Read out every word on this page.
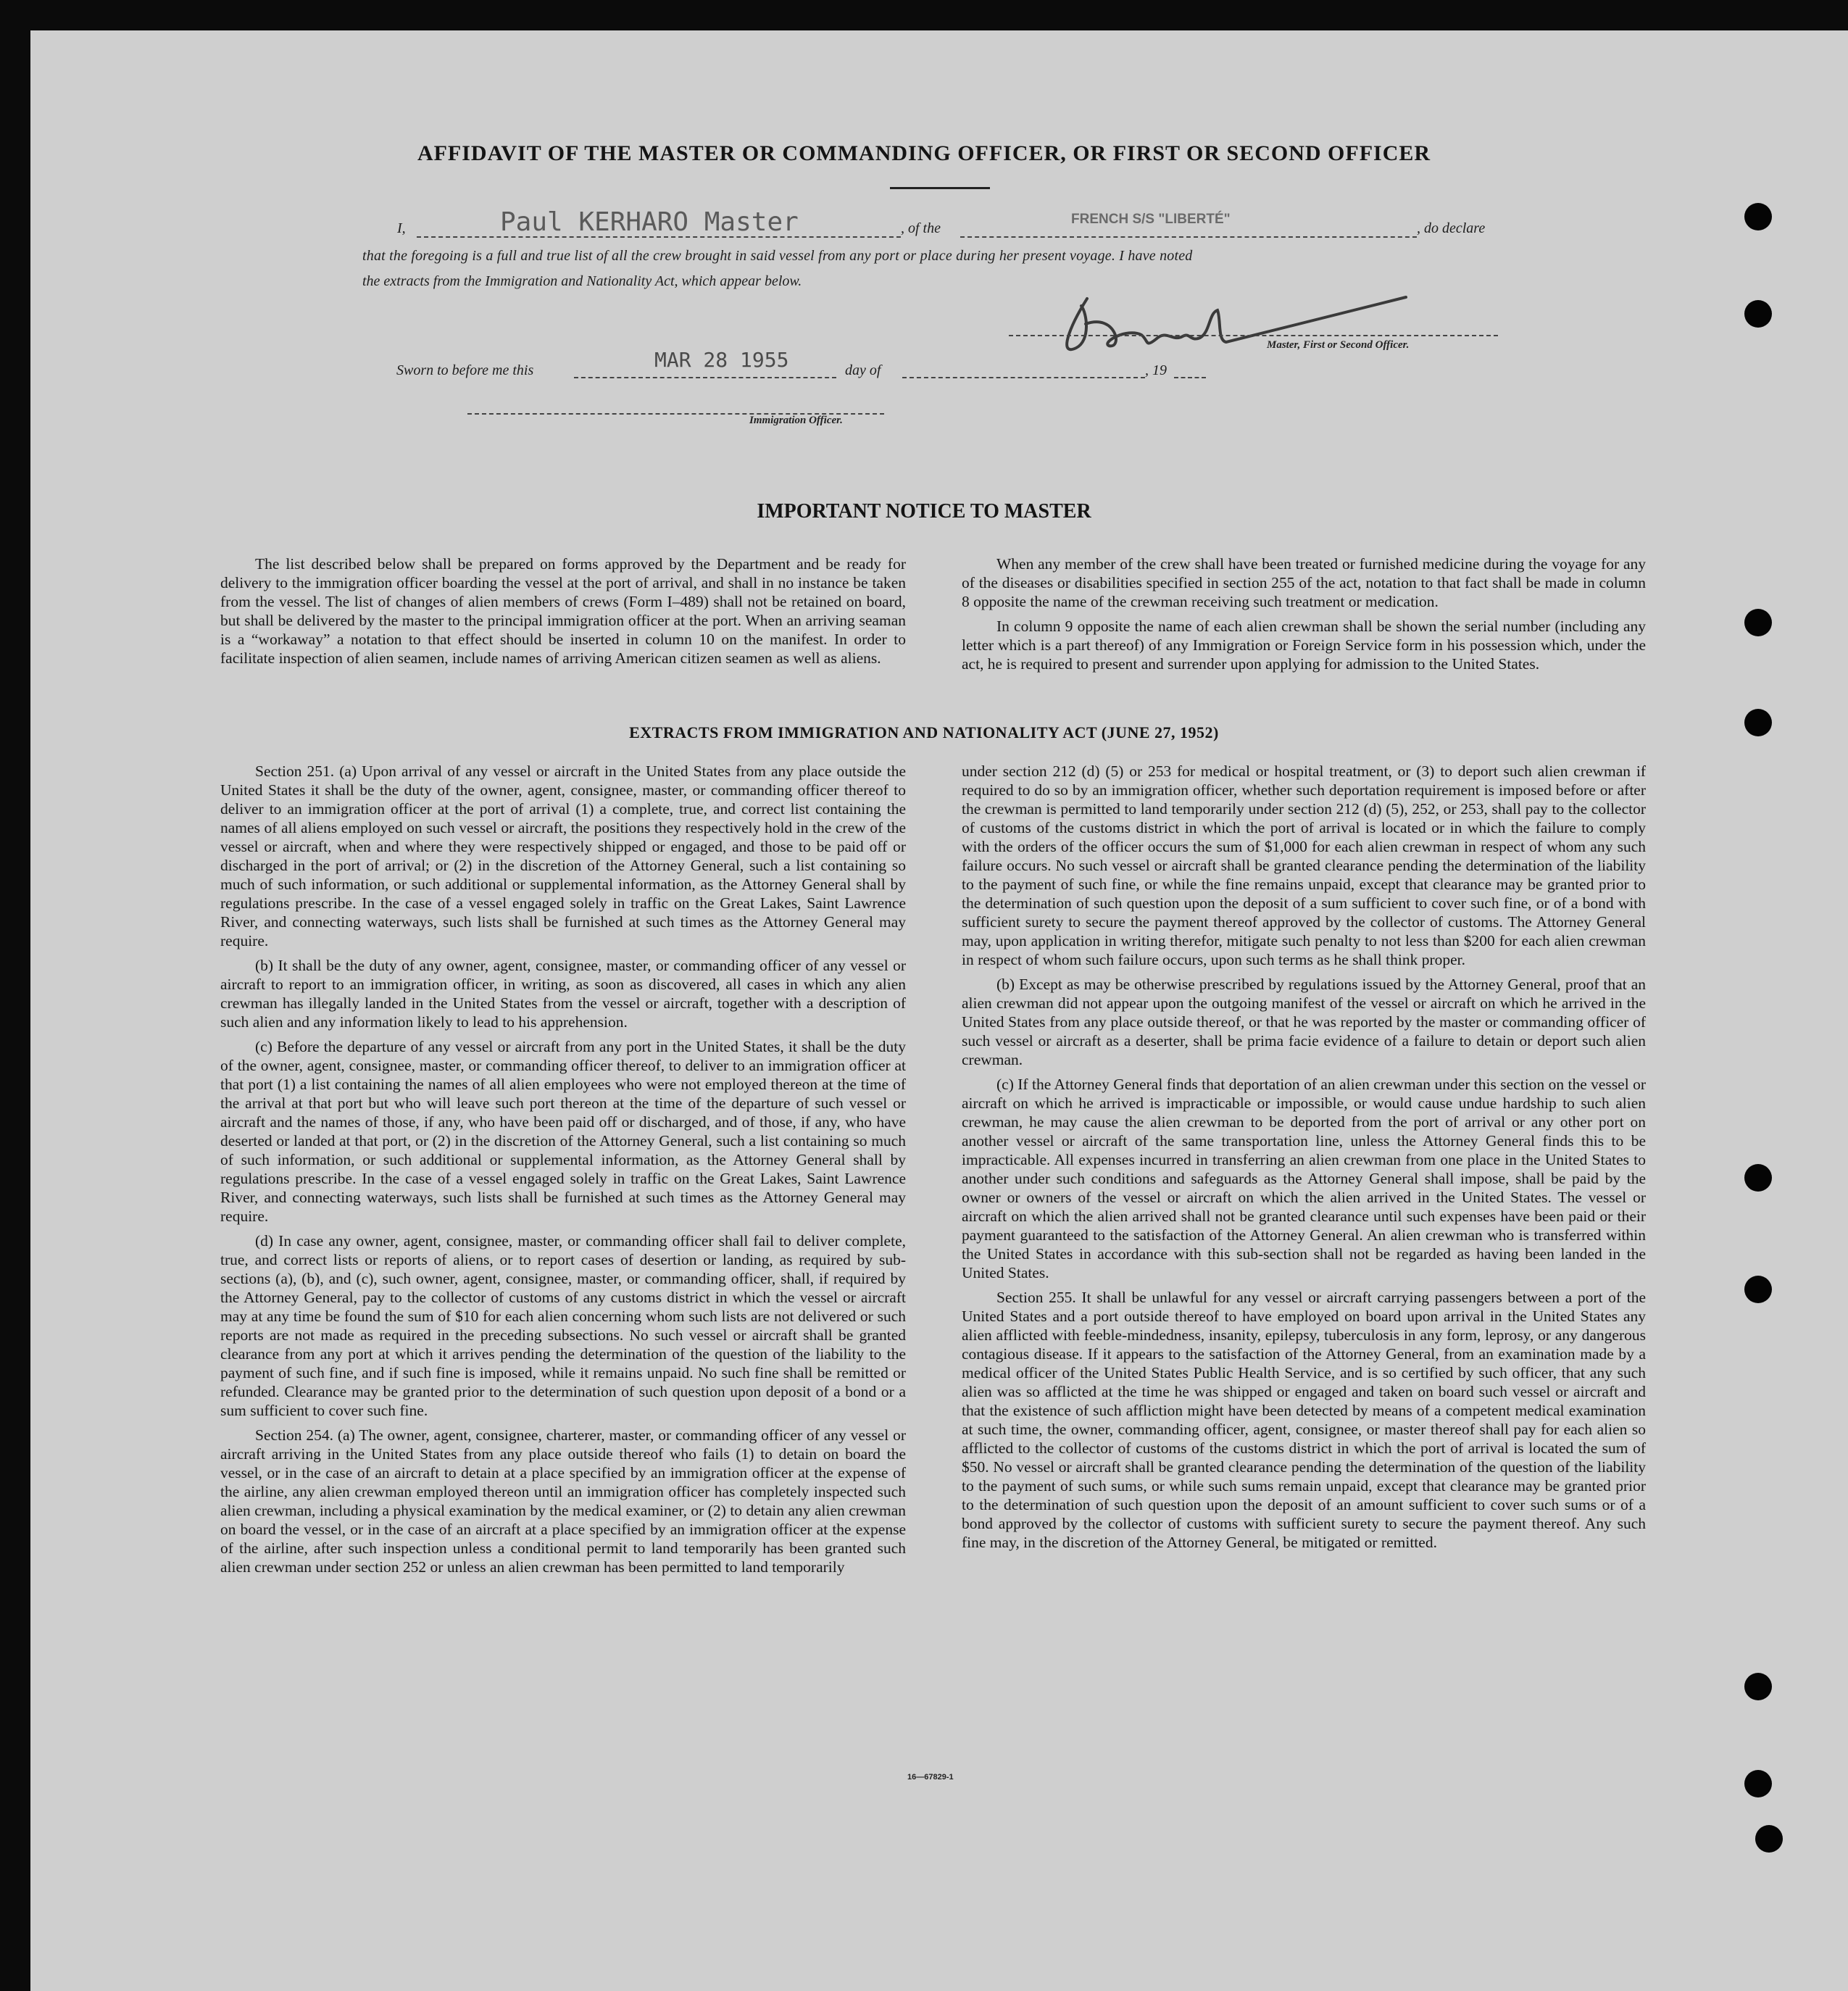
AFFIDAVIT OF THE MASTER OR COMMANDING OFFICER, OR FIRST OR SECOND OFFICER
I,	Paul KERHARO Master	, of the
FRENCH S/S "LIBERTÉ"
, do declare
that the foregoing is a full and true list of all the crew brought in said vessel from any port or place during her present voyage. I have noted
the extracts from the Immigration and Nationality Act, which appear below.
Master, First or Second Officer.
Sworn to before me this	MAR 28 1955	day of	, 19
Immigration Officer.
IMPORTANT NOTICE TO MASTER

The list described below shall be prepared on forms approved by the Department and be ready for delivery to the immigration officer boarding the vessel at the port of arrival, and shall in no instance be taken from the vessel. The list of changes of alien members of crews (Form I–489) shall not be retained on board, but shall be delivered by the master to the principal immigration officer at the port. When an arriving seaman is a “workaway” a notation to that effect should be inserted in column 10 on the manifest. In order to facilitate inspection of alien seamen, include names of arriving American citizen seamen as well as aliens.

When any member of the crew shall have been treated or furnished medicine during the voyage for any of the diseases or disabilities specified in section 255 of the act, notation to that fact shall be made in column 8 opposite the name of the crewman receiving such treatment or medication.

In column 9 opposite the name of each alien crewman shall be shown the serial number (including any letter which is a part thereof) of any Immigration or Foreign Service form in his possession which, under the act, he is required to present and surrender upon applying for admission to the United States.

EXTRACTS FROM IMMIGRATION AND NATIONALITY ACT (JUNE 27, 1952)

Section 251. (a) Upon arrival of any vessel or aircraft in the United States from any place outside the United States it shall be the duty of the owner, agent, consignee, master, or commanding officer thereof to deliver to an immigration officer at the port of arrival (1) a complete, true, and correct list containing the names of all aliens employed on such vessel or aircraft, the positions they respectively hold in the crew of the vessel or aircraft, when and where they were respectively shipped or engaged, and those to be paid off or discharged in the port of arrival; or (2) in the discretion of the Attorney General, such a list containing so much of such information, or such additional or supplemental information, as the Attorney General shall by regulations prescribe. In the case of a vessel engaged solely in traffic on the Great Lakes, Saint Lawrence River, and connecting waterways, such lists shall be furnished at such times as the Attorney General may require.

(b) It shall be the duty of any owner, agent, consignee, master, or commanding officer of any vessel or aircraft to report to an immigration officer, in writing, as soon as discovered, all cases in which any alien crewman has illegally landed in the United States from the vessel or aircraft, together with a description of such alien and any information likely to lead to his apprehension.

(c) Before the departure of any vessel or aircraft from any port in the United States, it shall be the duty of the owner, agent, consignee, master, or commanding officer thereof, to deliver to an immigration officer at that port (1) a list containing the names of all alien employees who were not employed thereon at the time of the arrival at that port but who will leave such port thereon at the time of the departure of such vessel or aircraft and the names of those, if any, who have been paid off or discharged, and of those, if any, who have deserted or landed at that port, or (2) in the discretion of the Attorney General, such a list containing so much of such information, or such additional or supplemental information, as the Attorney General shall by regulations prescribe. In the case of a vessel engaged solely in traffic on the Great Lakes, Saint Lawrence River, and connecting waterways, such lists shall be furnished at such times as the Attorney General may require.

(d) In case any owner, agent, consignee, master, or commanding officer shall fail to deliver complete, true, and correct lists or reports of aliens, or to report cases of desertion or landing, as required by sub-sections (a), (b), and (c), such owner, agent, consignee, master, or commanding officer, shall, if required by the Attorney General, pay to the collector of customs of any customs district in which the vessel or aircraft may at any time be found the sum of $10 for each alien concerning whom such lists are not delivered or such reports are not made as required in the preceding subsections. No such vessel or aircraft shall be granted clearance from any port at which it arrives pending the determination of the question of the liability to the payment of such fine, and if such fine is imposed, while it remains unpaid. No such fine shall be remitted or refunded. Clearance may be granted prior to the determination of such question upon deposit of a bond or a sum sufficient to cover such fine.

Section 254. (a) The owner, agent, consignee, charterer, master, or commanding officer of any vessel or aircraft arriving in the United States from any place outside thereof who fails (1) to detain on board the vessel, or in the case of an aircraft to detain at a place specified by an immigration officer at the expense of the airline, any alien crewman employed thereon until an immigration officer has completely inspected such alien crewman, including a physical examination by the medical examiner, or (2) to detain any alien crewman on board the vessel, or in the case of an aircraft at a place specified by an immigration officer at the expense of the airline, after such inspection unless a conditional permit to land temporarily has been granted such alien crewman under section 252 or unless an alien crewman has been permitted to land temporarily

under section 212 (d) (5) or 253 for medical or hospital treatment, or (3) to deport such alien crewman if required to do so by an immigration officer, whether such deportation requirement is imposed before or after the crewman is permitted to land temporarily under section 212 (d) (5), 252, or 253, shall pay to the collector of customs of the customs district in which the port of arrival is located or in which the failure to comply with the orders of the officer occurs the sum of $1,000 for each alien crewman in respect of whom any such failure occurs. No such vessel or aircraft shall be granted clearance pending the determination of the liability to the payment of such fine, or while the fine remains unpaid, except that clearance may be granted prior to the determination of such question upon the deposit of a sum sufficient to cover such fine, or of a bond with sufficient surety to secure the payment thereof approved by the collector of customs. The Attorney General may, upon application in writing therefor, mitigate such penalty to not less than $200 for each alien crewman in respect of whom such failure occurs, upon such terms as he shall think proper.

(b) Except as may be otherwise prescribed by regulations issued by the Attorney General, proof that an alien crewman did not appear upon the outgoing manifest of the vessel or aircraft on which he arrived in the United States from any place outside thereof, or that he was reported by the master or commanding officer of such vessel or aircraft as a deserter, shall be prima facie evidence of a failure to detain or deport such alien crewman.

(c) If the Attorney General finds that deportation of an alien crewman under this section on the vessel or aircraft on which he arrived is impracticable or impossible, or would cause undue hardship to such alien crewman, he may cause the alien crewman to be deported from the port of arrival or any other port on another vessel or aircraft of the same transportation line, unless the Attorney General finds this to be impracticable. All expenses incurred in transferring an alien crewman from one place in the United States to another under such conditions and safeguards as the Attorney General shall impose, shall be paid by the owner or owners of the vessel or aircraft on which the alien arrived in the United States. The vessel or aircraft on which the alien arrived shall not be granted clearance until such expenses have been paid or their payment guaranteed to the satisfaction of the Attorney General. An alien crewman who is transferred within the United States in accordance with this sub-section shall not be regarded as having been landed in the United States.

Section 255. It shall be unlawful for any vessel or aircraft carrying passengers between a port of the United States and a port outside thereof to have employed on board upon arrival in the United States any alien afflicted with feeble-mindedness, insanity, epilepsy, tuberculosis in any form, leprosy, or any dangerous contagious disease. If it appears to the satisfaction of the Attorney General, from an examination made by a medical officer of the United States Public Health Service, and is so certified by such officer, that any such alien was so afflicted at the time he was shipped or engaged and taken on board such vessel or aircraft and that the existence of such affliction might have been detected by means of a competent medical examination at such time, the owner, commanding officer, agent, consignee, or master thereof shall pay for each alien so afflicted to the collector of customs of the customs district in which the port of arrival is located the sum of $50. No vessel or aircraft shall be granted clearance pending the determination of the question of the liability to the payment of such sums, or while such sums remain unpaid, except that clearance may be granted prior to the determination of such question upon the deposit of an amount sufficient to cover such sums or of a bond approved by the collector of customs with sufficient surety to secure the payment thereof. Any such fine may, in the discretion of the Attorney General, be mitigated or remitted.

16—67829-1
